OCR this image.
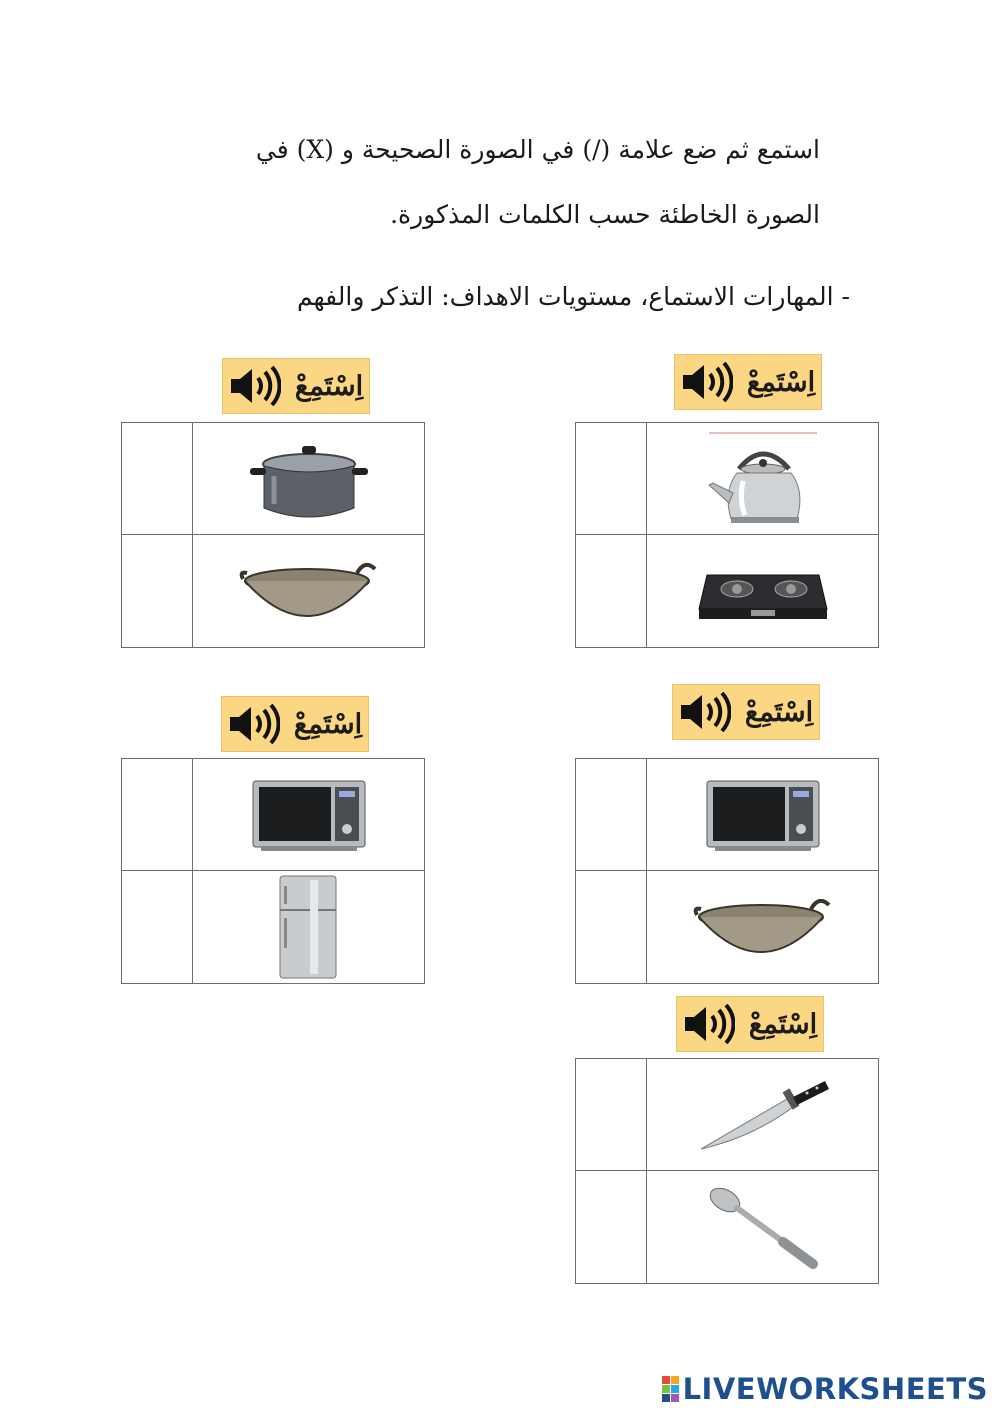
استمع ثم ضع علامة (/) في الصورة الصحيحة و (X) في
الصورة الخاطئة حسب الكلمات المذكورة.
- المهارات الاستماع، مستويات الاهداف: التذكر والفهم
اِسْتَمِعْ
اِسْتَمِعْ
اِسْتَمِعْ
اِسْتَمِعْ
اِسْتَمِعْ
LIVEWORKSHEETS
